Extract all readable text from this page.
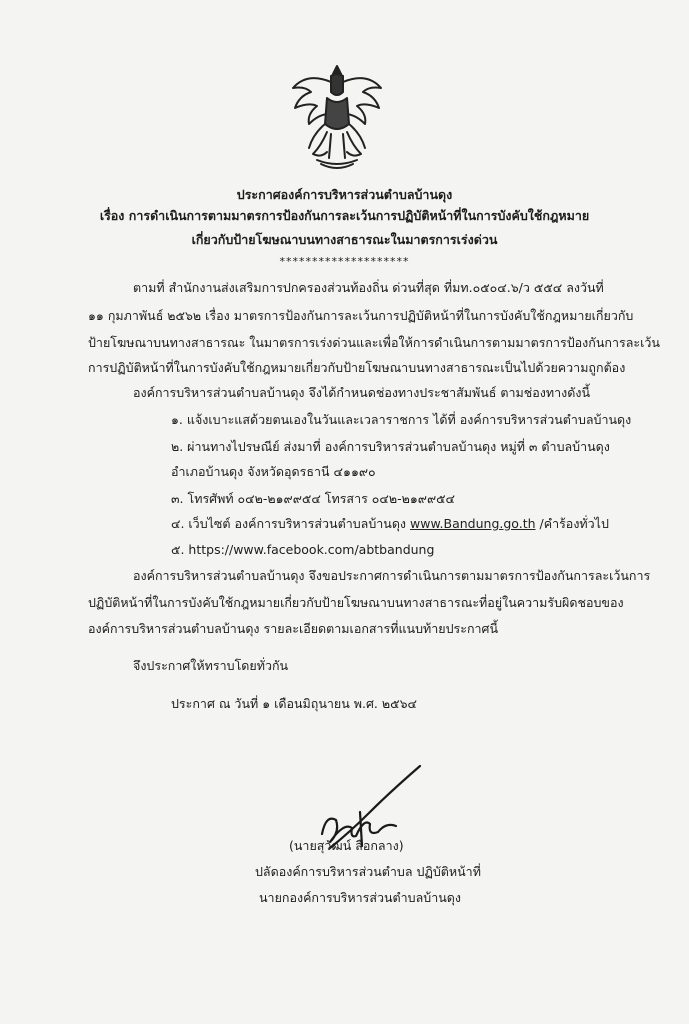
ประกาศองค์การบริหารส่วนตำบลบ้านดุง
เรื่อง การดำเนินการตามมาตรการป้องกันการละเว้นการปฏิบัติหน้าที่ในการบังคับใช้กฎหมาย
เกี่ยวกับป้ายโฆษณาบนทางสาธารณะในมาตรการเร่งด่วน
********************
ตามที่ สำนักงานส่งเสริมการปกครองส่วนท้องถิ่น ด่วนที่สุด ที่มท.๐๕๐๔.๖/ว ๕๕๔ ลงวันที่
๑๑ กุมภาพันธ์ ๒๕๖๒ เรื่อง มาตรการป้องกันการละเว้นการปฏิบัติหน้าที่ในการบังคับใช้กฎหมายเกี่ยวกับ
ป้ายโฆษณาบนทางสาธารณะ ในมาตรการเร่งด่วนและเพื่อให้การดำเนินการตามมาตรการป้องกันการละเว้น
การปฏิบัติหน้าที่ในการบังคับใช้กฎหมายเกี่ยวกับป้ายโฆษณาบนทางสาธารณะเป็นไปด้วยความถูกต้อง
องค์การบริหารส่วนตำบลบ้านดุง จึงได้กำหนดช่องทางประชาสัมพันธ์ ตามช่องทางดังนี้
๑. แจ้งเบาะแสด้วยตนเองในวันและเวลาราชการ ได้ที่ องค์การบริหารส่วนตำบลบ้านดุง
๒. ผ่านทางไปรษณีย์ ส่งมาที่ องค์การบริหารส่วนตำบลบ้านดุง หมู่ที่ ๓ ตำบลบ้านดุง
อำเภอบ้านดุง จังหวัดอุดรธานี ๔๑๑๙๐
๓. โทรศัพท์ ๐๔๒-๒๑๙๙๕๔ โทรสาร ๐๔๒-๒๑๙๙๕๔
๔. เว็บไซต์ องค์การบริหารส่วนตำบลบ้านดุง www.Bandung.go.th /คำร้องทั่วไป
๕. https://www.facebook.com/abtbandung
องค์การบริหารส่วนตำบลบ้านดุง จึงขอประกาศการดำเนินการตามมาตรการป้องกันการละเว้นการ
ปฏิบัติหน้าที่ในการบังคับใช้กฎหมายเกี่ยวกับป้ายโฆษณาบนทางสาธารณะที่อยู่ในความรับผิดชอบของ
องค์การบริหารส่วนตำบลบ้านดุง รายละเอียดตามเอกสารที่แนบท้ายประกาศนี้
จึงประกาศให้ทราบโดยทั่วกัน
ประกาศ ณ วันที่ ๑ เดือนมิถุนายน พ.ศ. ๒๕๖๔
(นายสุวัฒน์ สือกลาง)
ปลัดองค์การบริหารส่วนตำบล ปฏิบัติหน้าที่
นายกองค์การบริหารส่วนตำบลบ้านดุง
